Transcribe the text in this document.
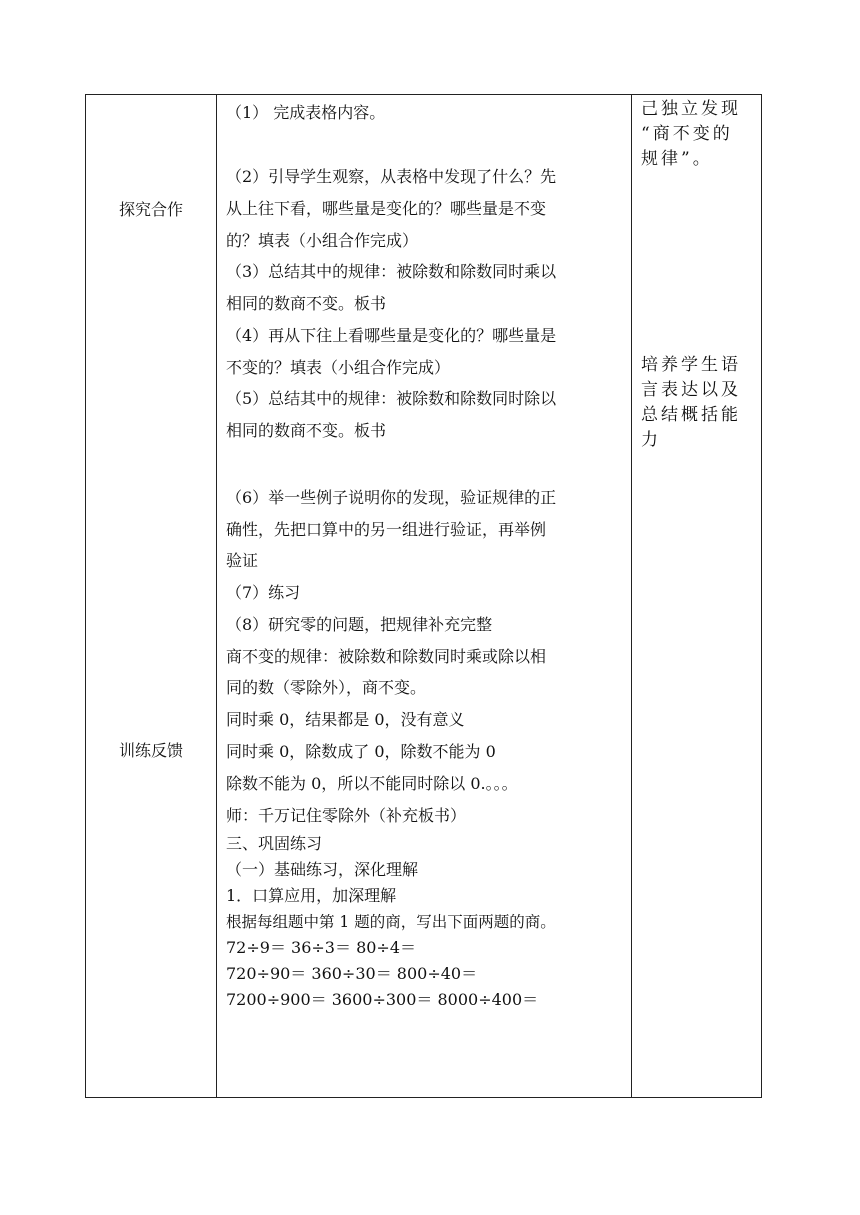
探究合作
训练反馈
（1） 完成表格内容。
（2）引导学生观察，从表格中发现了什么？先
从上往下看，哪些量是变化的？哪些量是不变
的？填表（小组合作完成）
（3）总结其中的规律：被除数和除数同时乘以
相同的数商不变。板书
（4）再从下往上看哪些量是变化的？哪些量是
不变的？填表（小组合作完成）
（5）总结其中的规律：被除数和除数同时除以
相同的数商不变。板书
（6）举一些例子说明你的发现，验证规律的正
确性，先把口算中的另一组进行验证，再举例
验证
（7）练习
（8）研究零的问题，把规律补充完整
商不变的规律：被除数和除数同时乘或除以相
同的数（零除外），商不变。
同时乘 0，结果都是 0，没有意义
同时乘 0，除数成了 0，除数不能为 0
除数不能为 0，所以不能同时除以 0.。。。
师：千万记住零除外（补充板书）
三、巩固练习
（一）基础练习，深化理解
1．口算应用，加深理解
根据每组题中第 1 题的商，写出下面两题的商。
72÷9＝ 36÷3＝ 80÷4＝
720÷90＝ 360÷30＝ 800÷40＝
7200÷900＝ 3600÷300＝ 8000÷400＝
己独立发现
“商不变的
规律”。
培养学生语
言表达以及
总结概括能
力
